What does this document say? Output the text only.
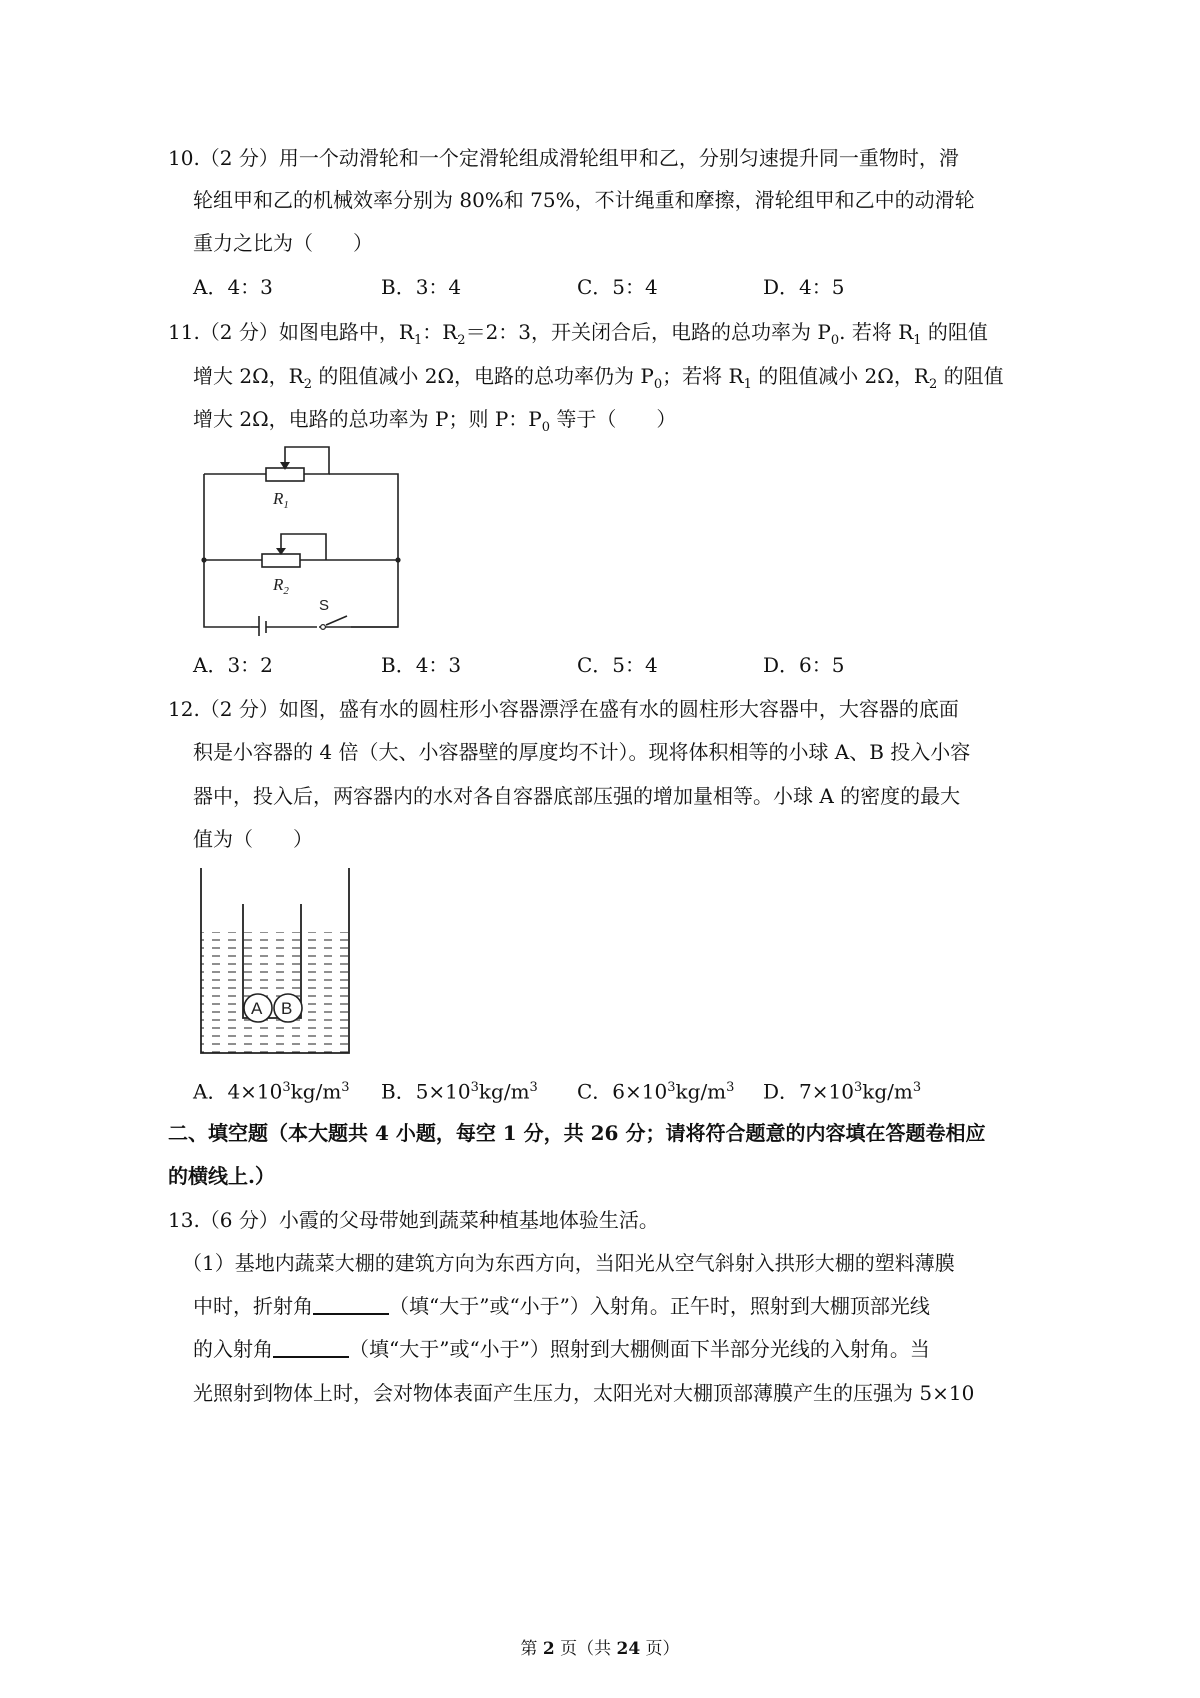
10.（2 分）用一个动滑轮和一个定滑轮组成滑轮组甲和乙，分别匀速提升同一重物时，滑
轮组甲和乙的机械效率分别为 80%和 75%，不计绳重和摩擦，滑轮组甲和乙中的动滑轮
重力之比为（　　）
A．4：3	B．3：4	C．5：4	D．4：5
11.（2 分）如图电路中，$R_1$：$R_2=2$：3，开关闭合后，电路的总功率为 $P_0$. 若将 $R_1$ 的阻值
增大 2Ω，$R_2$ 的阻值减小 2Ω，电路的总功率仍为 $P_0$；若将 $R_1$ 的阻值减小 2Ω，$R_2$ 的阻值
增大 2Ω，电路的总功率为 P；则 P：$P_0$ 等于（　　）
$R_1$
$R_2$
S
A．3：2	B．4：3	C．5：4	D．6：5
12.（2 分）如图，盛有水的圆柱形小容器漂浮在盛有水的圆柱形大容器中，大容器的底面
积是小容器的 4 倍（大、小容器壁的厚度均不计）。现将体积相等的小球 A、B 投入小容
器中，投入后，两容器内的水对各自容器底部压强的增加量相等。小球 A 的密度的最大
值为（　　）
A B
A．$4\times 10^3kg/m^3$ B．$5\times 10^3kg/m^3$ C．$6\times 10^3kg/m^3$ D．$7\times 10^3kg/m^3$
二、填空题（本大题共 4 小题，每空 1 分，共 26 分；请将符合题意的内容填在答题卷相应
的横线上.）
13.（6 分）小霞的父母带她到蔬菜种植基地体验生活。
（1）基地内蔬菜大棚的建筑方向为东西方向，当阳光从空气斜射入拱形大棚的塑料薄膜
中时，折射角	（填“大于”或“小于”）入射角。正午时，照射到大棚顶部光线
的入射角	（填“大于”或“小于”）照射到大棚侧面下半部分光线的入射角。当
光照射到物体上时，会对物体表面产生压力，太阳光对大棚顶部薄膜产生的压强为 5×10
第 2 页（共 24 页）
